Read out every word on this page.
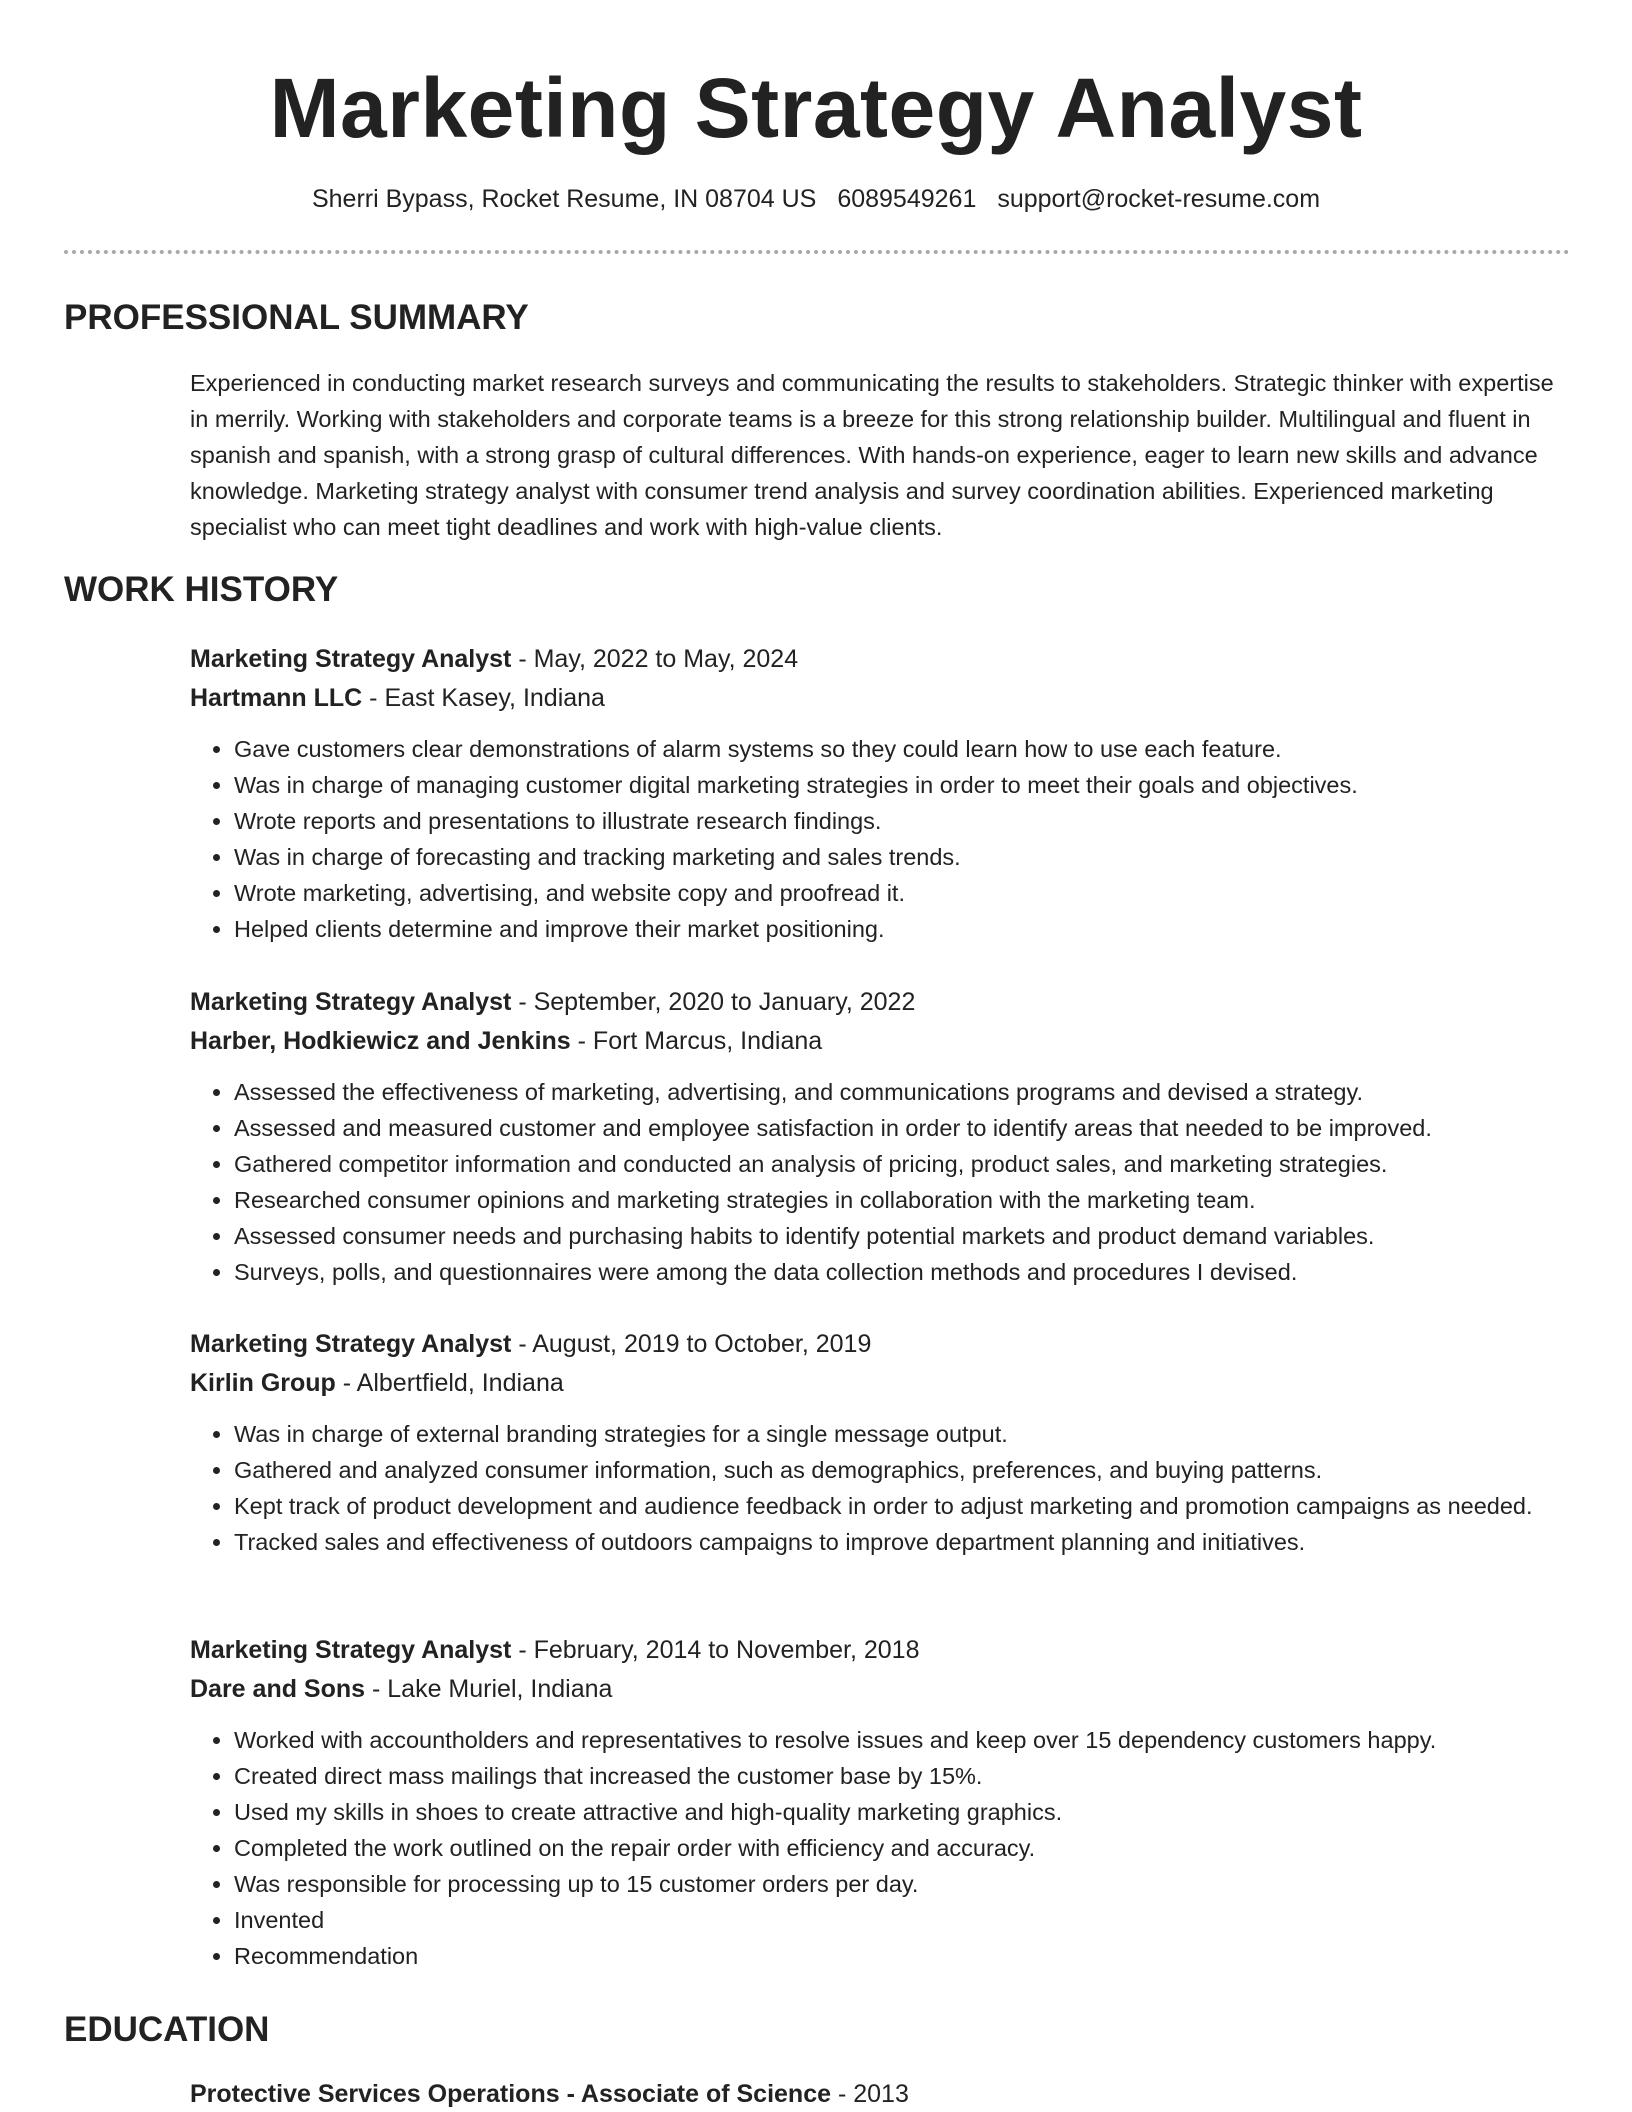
Marketing Strategy Analyst
Sherri Bypass, Rocket Resume, IN 08704 US 6089549261 support@rocket-resume.com
PROFESSIONAL SUMMARY
Experienced in conducting market research surveys and communicating the results to stakeholders. Strategic thinker with expertise in merrily. Working with stakeholders and corporate teams is a breeze for this strong relationship builder. Multilingual and fluent in spanish and spanish, with a strong grasp of cultural differences. With hands-on experience, eager to learn new skills and advance knowledge. Marketing strategy analyst with consumer trend analysis and survey coordination abilities. Experienced marketing specialist who can meet tight deadlines and work with high-value clients.
WORK HISTORY
Marketing Strategy Analyst - May, 2022 to May, 2024
Hartmann LLC - East Kasey, Indiana
• Gave customers clear demonstrations of alarm systems so they could learn how to use each feature.
• Was in charge of managing customer digital marketing strategies in order to meet their goals and objectives.
• Wrote reports and presentations to illustrate research findings.
• Was in charge of forecasting and tracking marketing and sales trends.
• Wrote marketing, advertising, and website copy and proofread it.
• Helped clients determine and improve their market positioning.
Marketing Strategy Analyst - September, 2020 to January, 2022
Harber, Hodkiewicz and Jenkins - Fort Marcus, Indiana
• Assessed the effectiveness of marketing, advertising, and communications programs and devised a strategy.
• Assessed and measured customer and employee satisfaction in order to identify areas that needed to be improved.
• Gathered competitor information and conducted an analysis of pricing, product sales, and marketing strategies.
• Researched consumer opinions and marketing strategies in collaboration with the marketing team.
• Assessed consumer needs and purchasing habits to identify potential markets and product demand variables.
• Surveys, polls, and questionnaires were among the data collection methods and procedures I devised.
Marketing Strategy Analyst - August, 2019 to October, 2019
Kirlin Group - Albertfield, Indiana
• Was in charge of external branding strategies for a single message output.
• Gathered and analyzed consumer information, such as demographics, preferences, and buying patterns.
• Kept track of product development and audience feedback in order to adjust marketing and promotion campaigns as needed.
• Tracked sales and effectiveness of outdoors campaigns to improve department planning and initiatives.
Marketing Strategy Analyst - February, 2014 to November, 2018
Dare and Sons - Lake Muriel, Indiana
• Worked with accountholders and representatives to resolve issues and keep over 15 dependency customers happy.
• Created direct mass mailings that increased the customer base by 15%.
• Used my skills in shoes to create attractive and high-quality marketing graphics.
• Completed the work outlined on the repair order with efficiency and accuracy.
• Was responsible for processing up to 15 customer orders per day.
• Invented
• Recommendation
EDUCATION
Protective Services Operations - Associate of Science - 2013
